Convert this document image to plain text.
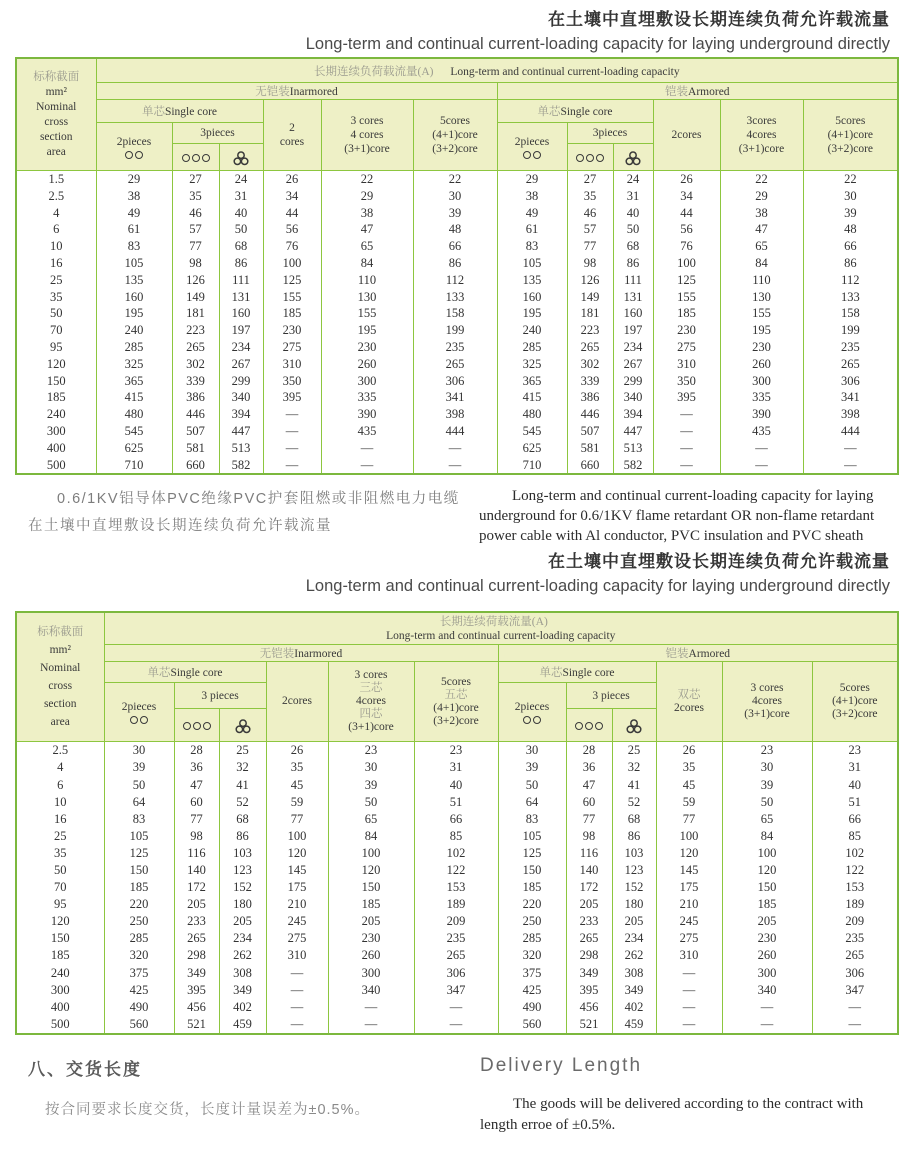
在土壤中直埋敷设长期连续负荷允许载流量
Long-term and continual current-loading capacity for laying underground directly
标称截面
mm²
Nominal
cross
section
area
	长期连续负荷载流量(A) Long-term and continual current-loading capacity
	无铠装Inarmored						铠装Armored					
	单芯Single core			2
cores	3 cores
4 cores
(3+1)core	5cores
(4+1)core
(3+2)core	单芯Single core			2cores	3cores
4cores
(3+1)core	5cores
(4+1)core
(3+2)core

	2pieces	3pieces					2pieces	3pieces				

1.5	29	27	24	26	22	22	29	27	24	26	22	22
2.5	38	35	31	34	29	30	38	35	31	34	29	30
4	49	46	40	44	38	39	49	46	40	44	38	39
6	61	57	50	56	47	48	61	57	50	56	47	48
10	83	77	68	76	65	66	83	77	68	76	65	66
16	105	98	86	100	84	86	105	98	86	100	84	86
25	135	126	111	125	110	112	135	126	111	125	110	112
35	160	149	131	155	130	133	160	149	131	155	130	133
50	195	181	160	185	155	158	195	181	160	185	155	158
70	240	223	197	230	195	199	240	223	197	230	195	199
95	285	265	234	275	230	235	285	265	234	275	230	235
120	325	302	267	310	260	265	325	302	267	310	260	265
150	365	339	299	350	300	306	365	339	299	350	300	306
185	415	386	340	395	335	341	415	386	340	395	335	341
240	480	446	394	—	390	398	480	446	394	—	390	398
300	545	507	447	—	435	444	545	507	447	—	435	444
400	625	581	513	—	—	—	625	581	513	—	—	—
500	710	660	582	—	—	—	710	660	582	—	—	—
0.6/1KV铝导体PVC绝缘PVC护套阻燃或非阻燃电力电缆在土壤中直埋敷设长期连续负荷允许载流量
Long-term and continual current-loading capacity for laying underground for 0.6/1KV flame retardant OR non-flame retardant power cable with Al conductor, PVC insulation and PVC sheath
在土壤中直埋敷设长期连续负荷允许载流量
Long-term and continual current-loading capacity for laying underground directly
标称截面
mm²
Nominal
cross
section
area

长期连续荷载流量(A)
Long-term and continual current-loading capacity

	无铠装Inarmored						铠装Armored					
	单芯Single core			2cores	3 cores
三芯
4cores
四芯
(3+1)core	5cores
五芯
(4+1)core
(3+2)core	单芯Single core			双芯
2cores	3 cores
4cores
(3+1)core	5cores
(4+1)core
(3+2)core

	2pieces	3 pieces					2pieces	3 pieces				

2.5	30	28	25	26	23	23	30	28	25	26	23	23
4	39	36	32	35	30	31	39	36	32	35	30	31
6	50	47	41	45	39	40	50	47	41	45	39	40
10	64	60	52	59	50	51	64	60	52	59	50	51
16	83	77	68	77	65	66	83	77	68	77	65	66
25	105	98	86	100	84	85	105	98	86	100	84	85
35	125	116	103	120	100	102	125	116	103	120	100	102
50	150	140	123	145	120	122	150	140	123	145	120	122
70	185	172	152	175	150	153	185	172	152	175	150	153
95	220	205	180	210	185	189	220	205	180	210	185	189
120	250	233	205	245	205	209	250	233	205	245	205	209
150	285	265	234	275	230	235	285	265	234	275	230	235
185	320	298	262	310	260	265	320	298	262	310	260	265
240	375	349	308	—	300	306	375	349	308	—	300	306
300	425	395	349	—	340	347	425	395	349	—	340	347
400	490	456	402	—	—	—	490	456	402	—	—	—
500	560	521	459	—	—	—	560	521	459	—	—	—
八、交货长度	Delivery Length
按合同要求长度交货，长度计量误差为±0.5%。	The goods will be delivered according to the contract with length erroe of ±0.5%.
